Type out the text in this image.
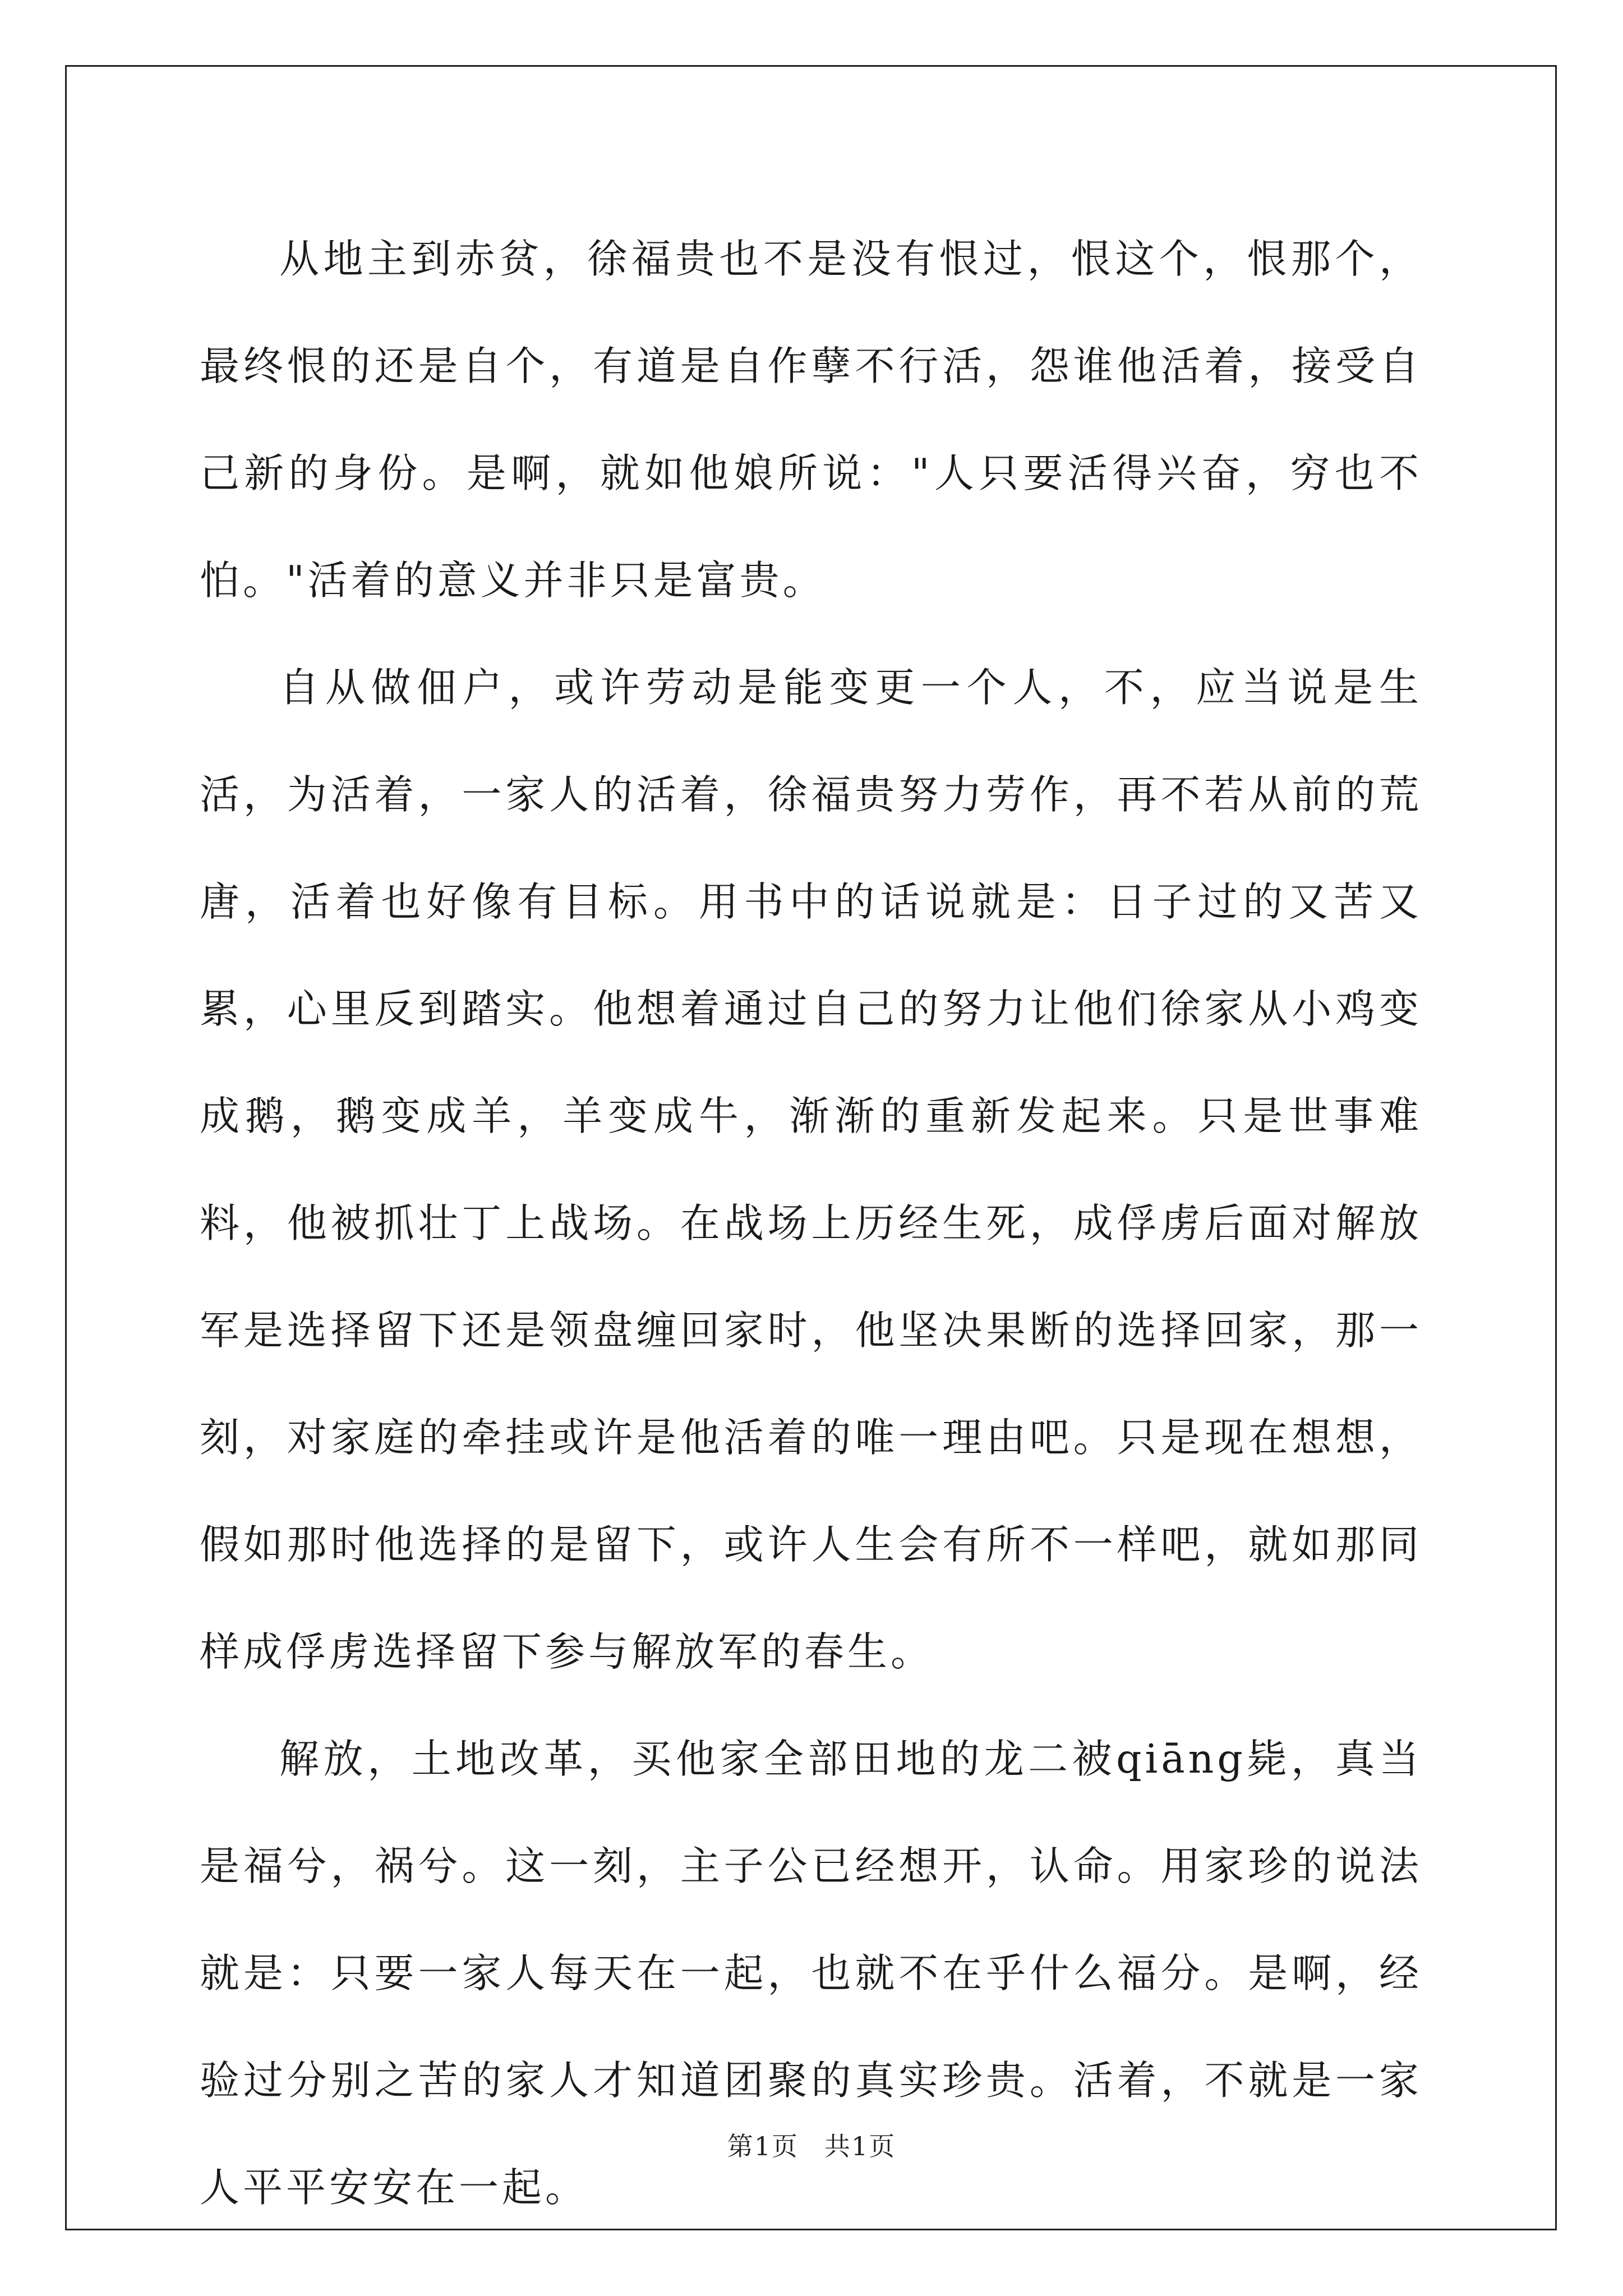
从地主到赤贫，徐福贵也不是没有恨过，恨这个，恨那个，最终恨的还是自个，有道是自作孽不行活，怨谁他活着，接受自己新的身份。是啊，就如他娘所说："人只要活得兴奋，穷也不怕。"活着的意义并非只是富贵。

自从做佃户，或许劳动是能变更一个人，不，应当说是生活，为活着，一家人的活着，徐福贵努力劳作，再不若从前的荒唐，活着也好像有目标。用书中的话说就是：日子过的又苦又累，心里反到踏实。他想着通过自己的努力让他们徐家从小鸡变成鹅，鹅变成羊，羊变成牛，渐渐的重新发起来。只是世事难料，他被抓壮丁上战场。在战场上历经生死，成俘虏后面对解放军是选择留下还是领盘缠回家时，他坚决果断的选择回家，那一刻，对家庭的牵挂或许是他活着的唯一理由吧。只是现在想想，假如那时他选择的是留下，或许人生会有所不一样吧，就如那同样成俘虏选择留下参与解放军的春生。

解放，土地改革，买他家全部田地的龙二被qiāng毙，真当是福兮，祸兮。这一刻，主子公已经想开，认命。用家珍的说法就是：只要一家人每天在一起，也就不在乎什么福分。是啊，经验过分别之苦的家人才知道团聚的真实珍贵。活着，不就是一家人平平安安在一起。

第1页 共1页
